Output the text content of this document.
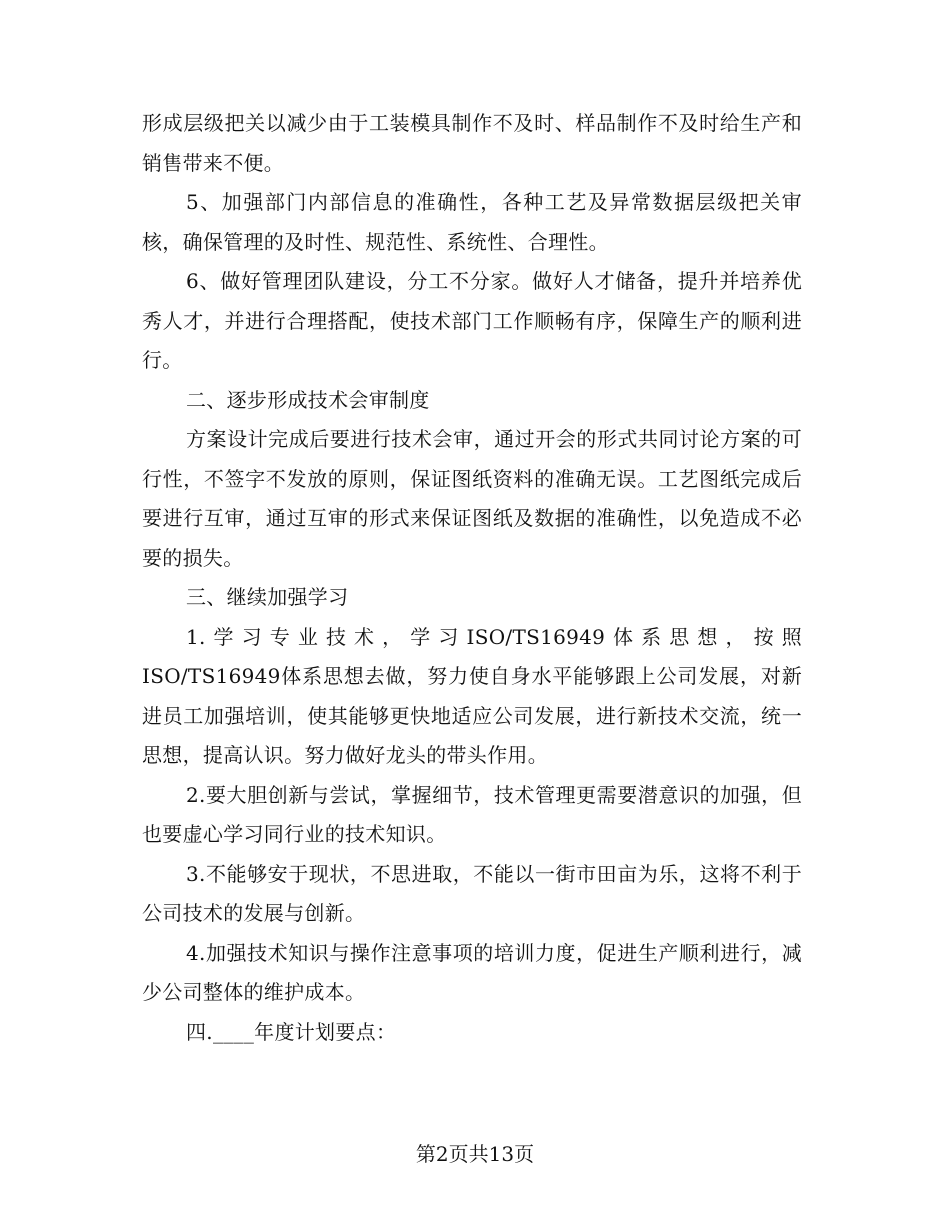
形成层级把关以减少由于工装模具制作不及时、样品制作不及时给生产和销售带来不便。

5、加强部门内部信息的准确性，各种工艺及异常数据层级把关审核，确保管理的及时性、规范性、系统性、合理性。

6、做好管理团队建设，分工不分家。做好人才储备，提升并培养优秀人才，并进行合理搭配，使技术部门工作顺畅有序，保障生产的顺利进行。

二、逐步形成技术会审制度

方案设计完成后要进行技术会审，通过开会的形式共同讨论方案的可行性，不签字不发放的原则，保证图纸资料的准确无误。工艺图纸完成后要进行互审，通过互审的形式来保证图纸及数据的准确性，以免造成不必要的损失。

三、继续加强学习

1.学习专业技术，学习ISO/TS16949体系思想，按照ISO/TS16949体系思想去做，努力使自身水平能够跟上公司发展，对新进员工加强培训，使其能够更快地适应公司发展，进行新技术交流，统一思想，提高认识。努力做好龙头的带头作用。

2.要大胆创新与尝试，掌握细节，技术管理更需要潜意识的加强，但也要虚心学习同行业的技术知识。

3.不能够安于现状，不思进取，不能以一街市田亩为乐，这将不利于公司技术的发展与创新。

4.加强技术知识与操作注意事项的培训力度，促进生产顺利进行，减少公司整体的维护成本。

四.____年度计划要点：

第2页共13页
